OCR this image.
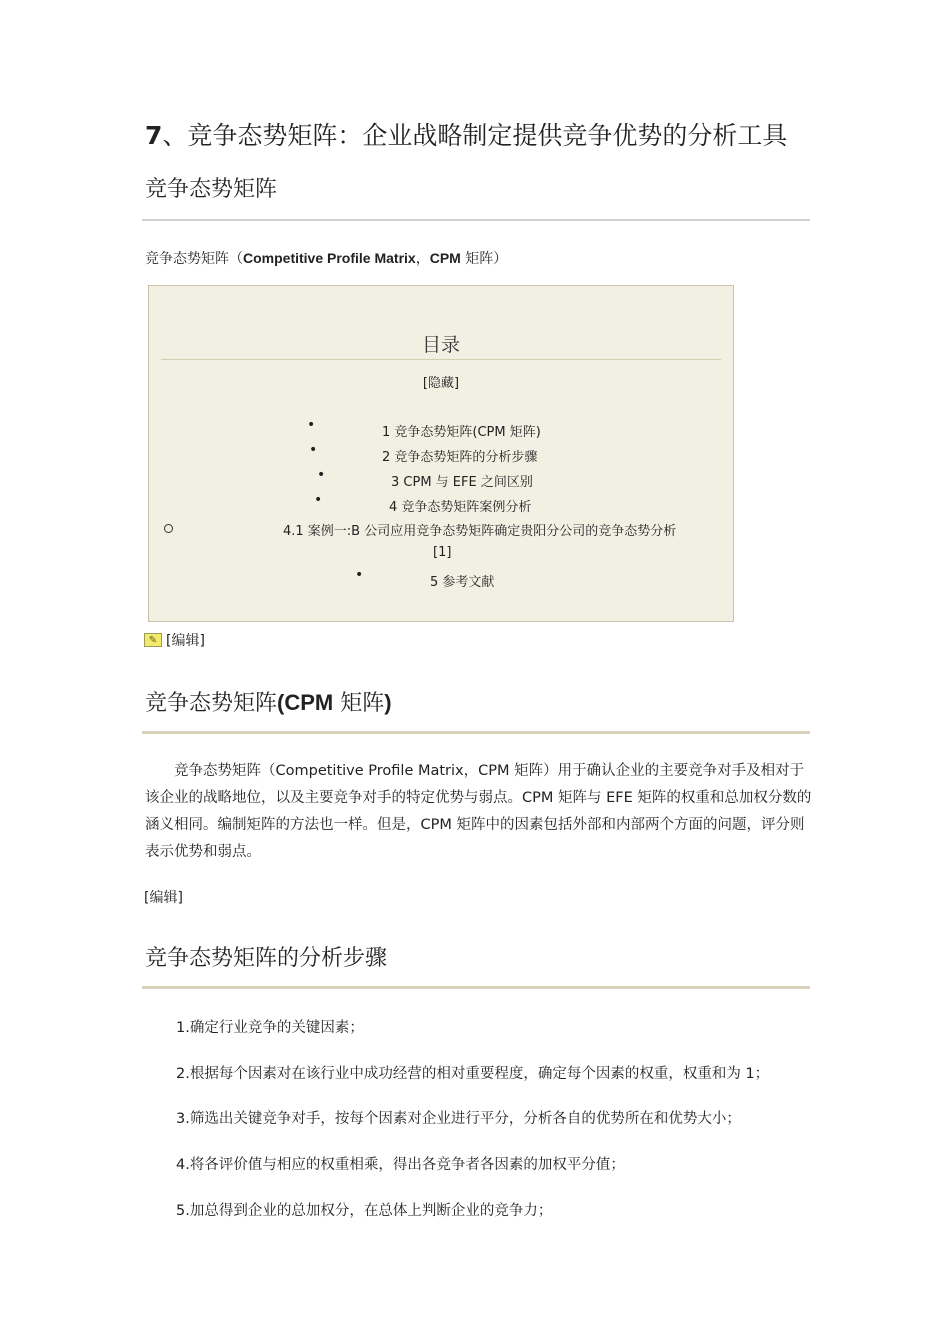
7、竞争态势矩阵：企业战略制定提供竞争优势的分析工具
竞争态势矩阵
竞争态势矩阵（Competitive Profile Matrix，CPM 矩阵）
目录
[隐藏]
•	1 竞争态势矩阵(CPM 矩阵)
•	2 竞争态势矩阵的分析步骤
•	3 CPM 与 EFE 之间区别
•	4 竞争态势矩阵案例分析
4.1 案例一:B 公司应用竞争态势矩阵确定贵阳分公司的竞争态势分析
[1]
•	5 参考文献
✎ [编辑]
竞争态势矩阵(CPM 矩阵)

竞争态势矩阵（Competitive Profile Matrix，CPM 矩阵）用于确认企业的主要竞争对手及相对于该企业的战略地位，以及主要竞争对手的特定优势与弱点。CPM 矩阵与 EFE 矩阵的权重和总加权分数的涵义相同。编制矩阵的方法也一样。但是，CPM 矩阵中的因素包括外部和内部两个方面的问题，评分则表示优势和弱点。

[编辑]
竞争态势矩阵的分析步骤
1.确定行业竞争的关键因素；
2.根据每个因素对在该行业中成功经营的相对重要程度，确定每个因素的权重，权重和为 1；
3.筛选出关键竞争对手，按每个因素对企业进行平分，分析各自的优势所在和优势大小；
4.将各评价值与相应的权重相乘，得出各竞争者各因素的加权平分值；
5.加总得到企业的总加权分，在总体上判断企业的竞争力；
